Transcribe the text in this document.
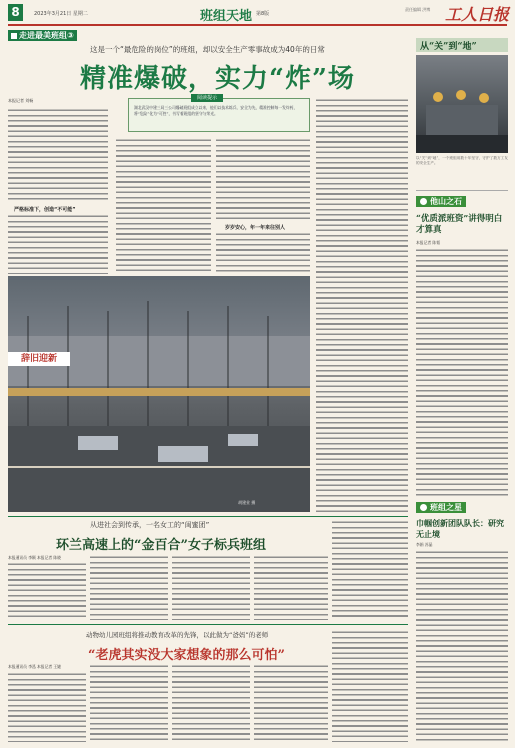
8	2023年3月21日 星期二	班组天地 第8版
责任编辑 洪博 工人日报
走进最美班组③
这是一个“最危险的岗位”的班组，却以安全生产零事故成为40年的日常
精准爆破，实力“炸”场
阅读提示
湖北武汉中建三局三公司爆破班组成立以来，他们以技术练兵、安全为先，精准控制每一发炸药，将“危险”化为“可控”，书写着班组的坚守与荣光。
本报记者 刘畅
严格标准下，创造“不可能”
辞旧迎新
胡建业 摄
岁岁安心，年一年来往别人
从“关”到“地”
以“关”到“地”，一个班组用数十年坚守，守护了数万工友的安全生产。
他山之石
“优质派班资”讲得明白才算真
本报记者 陈韬
班组之星
巾帼创新团队队长：研究无止境
李娟 苏晶
从进社会到传承，一名女工的“闺蜜团”
环兰高速上的“金百合”女子标兵班组
本报通讯员 李颖 本报记者 陈晓
动物幼儿园班组将推动教育改革的先锋，以此做为“爸妈”的老师
“老虎其实没大家想象的那么可怕”
本报通讯员 李泓 本报记者 王婕
